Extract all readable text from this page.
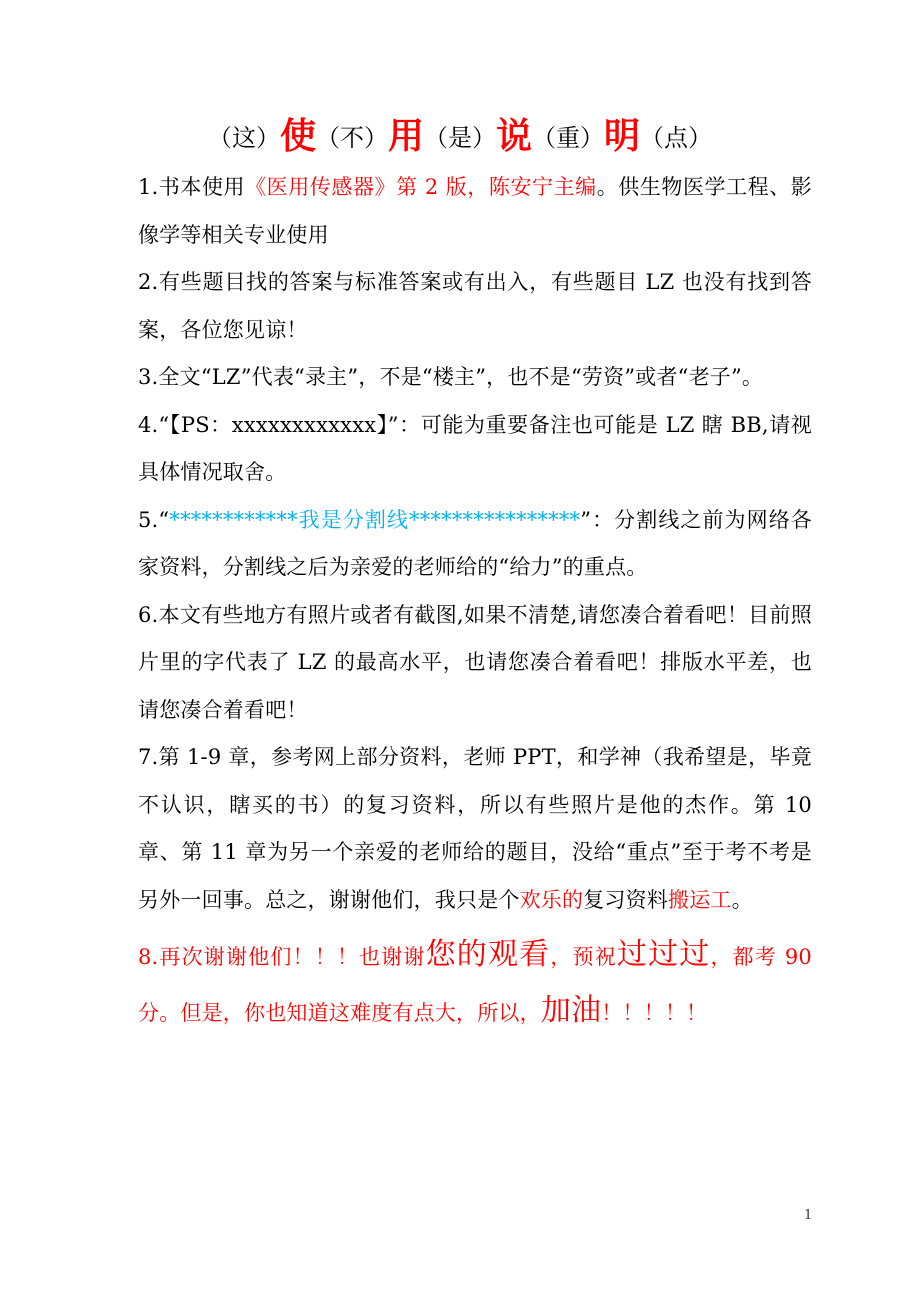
（这）使（不）用（是）说（重）明（点）

1.书本使用《医用传感器》第 2 版，陈安宁主编。供生物医学工程、影像学等相关专业使用

2.有些题目找的答案与标准答案或有出入，有些题目 LZ 也没有找到答案，各位您见谅！

3.全文“LZ”代表“录主”，不是“楼主”，也不是“劳资”或者“老子”。

4.“【PS：xxxxxxxxxxxx】”：可能为重要备注也可能是 LZ 瞎 BB,请视具体情况取舍。

5.“************我是分割线****************”：分割线之前为网络各家资料，分割线之后为亲爱的老师给的“给力”的重点。

6.本文有些地方有照片或者有截图,如果不清楚,请您凑合着看吧！目前照片里的字代表了 LZ 的最高水平，也请您凑合着看吧！排版水平差，也请您凑合着看吧！

7.第 1-9 章，参考网上部分资料，老师 PPT，和学神（我希望是，毕竟不认识，瞎买的书）的复习资料，所以有些照片是他的杰作。第 10 章、第 11 章为另一个亲爱的老师给的题目，没给“重点”至于考不考是另外一回事。总之，谢谢他们，我只是个欢乐的复习资料搬运工。

8.再次谢谢他们！！！也谢谢您的观看，预祝过过过，都考 90 分。但是，你也知道这难度有点大，所以，加油！！！！！

1
